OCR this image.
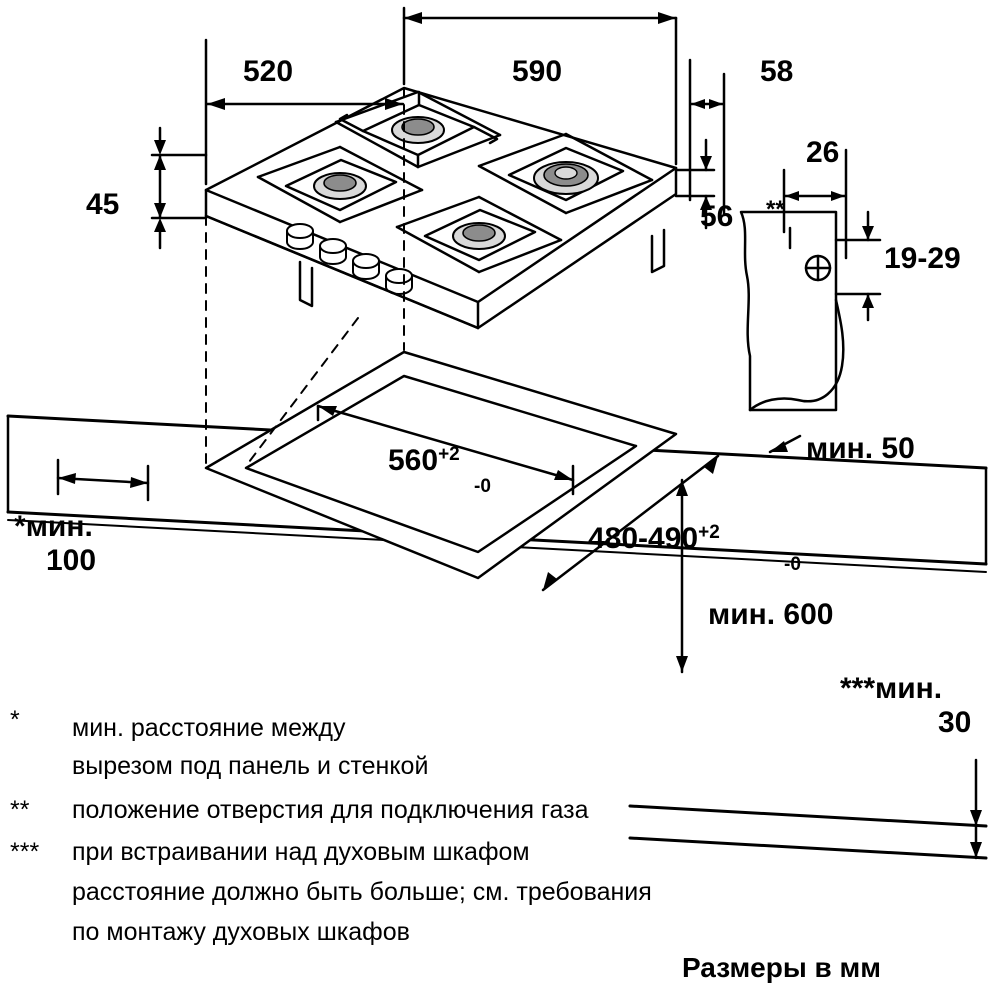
520	590	58
26
45	56
19-29
**
560+2
-0
480-490+2
-0
мин. 50
мин. 600
*мин.
100
***мин.
30
* мин. расстояние между
вырезом под панель и стенкой
** положение отверстия для подключения газа
*** при встраивании над духовым шкафом
расстояние должно быть больше; см. требования
по монтажу духовых шкафов
Размеры в мм
